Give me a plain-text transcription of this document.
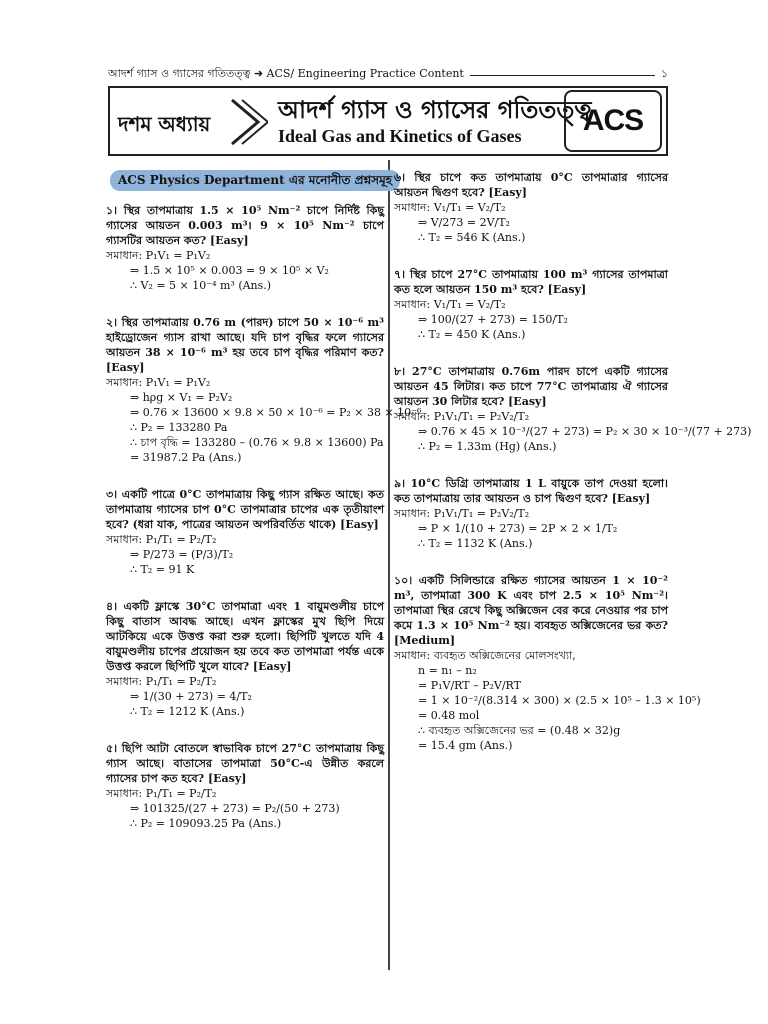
আদর্শ গ্যাস ও গ্যাসের গতিতত্ত্ব ➜ ACS/ Engineering Practice Content	১
দশম অধ্যায়	আদর্শ গ্যাস ও গ্যাসের গতিতত্ত্ব
Ideal Gas and Kinetics of Gases ACS
ACS Physics Department এর মনোনীত প্রশ্নসমূহ
১। স্থির তাপমাত্রায় 1.5 × 10⁵ Nm⁻² চাপে নির্দিষ্ট কিছু গ্যাসের আয়তন 0.003 m³। 9 × 10⁵ Nm⁻² চাপে গ্যাসটির আয়তন কত? [Easy]
সমাধান: P₁V₁ = P₁V₂
⇒ 1.5 × 10⁵ × 0.003 = 9 × 10⁵ × V₂
∴ V₂ = 5 × 10⁻⁴ m³ (Ans.)
২। স্থির তাপমাত্রায় 0.76 m (পারদ) চাপে 50 × 10⁻⁶ m³ হাইড্রোজেন গ্যাস রাখা আছে। যদি চাপ বৃদ্ধির ফলে গ্যাসের আয়তন 38 × 10⁻⁶ m³ হয় তবে চাপ বৃদ্ধির পরিমাণ কত? [Easy]
সমাধান: P₁V₁ = P₁V₂
⇒ hρg × V₁ = P₂V₂
⇒ 0.76 × 13600 × 9.8 × 50 × 10⁻⁶ = P₂ × 38 × 10⁻⁶
∴ P₂ = 133280 Pa
∴ চাপ বৃদ্ধি = 133280 – (0.76 × 9.8 × 13600) Pa
= 31987.2 Pa (Ans.)
৩। একটি পাত্রে 0°C তাপমাত্রায় কিছু গ্যাস রক্ষিত আছে। কত তাপমাত্রায় গ্যাসের চাপ 0°C তাপমাত্রার চাপের এক তৃতীয়াংশ হবে? (ধরা যাক, পাত্রের আয়তন অপরিবর্তিত থাকে) [Easy]
সমাধান: P₁/T₁ = P₂/T₂
⇒ P/273 = (P/3)/T₂
∴ T₂ = 91 K
৪। একটি ফ্লাস্কে 30°C তাপমাত্রা এবং 1 বায়ুমণ্ডলীয় চাপে কিছু বাতাস আবদ্ধ আছে। এখন ফ্লাস্কের মুখ ছিপি দিয়ে আটকিয়ে একে উত্তপ্ত করা শুরু হলো। ছিপিটি খুলতে যদি 4 বায়ুমণ্ডলীয় চাপের প্রয়োজন হয় তবে কত তাপমাত্রা পর্যন্ত একে উত্তপ্ত করলে ছিপিটি খুলে যাবে? [Easy]
সমাধান: P₁/T₁ = P₂/T₂
⇒ 1/(30 + 273) = 4/T₂
∴ T₂ = 1212 K (Ans.)
৫। ছিপি আটা বোতলে স্বাভাবিক চাপে 27°C তাপমাত্রায় কিছু গ্যাস আছে। বাতাসের তাপমাত্রা 50°C-এ উন্নীত করলে গ্যাসের চাপ কত হবে? [Easy]
সমাধান: P₁/T₁ = P₂/T₂
⇒ 101325/(27 + 273) = P₂/(50 + 273)
∴ P₂ = 109093.25 Pa (Ans.)
৬। স্থির চাপে কত তাপমাত্রায় 0°C তাপমাত্রার গ্যাসের আয়তন দ্বিগুণ হবে? [Easy]
সমাধান: V₁/T₁ = V₂/T₂
⇒ V/273 = 2V/T₂
∴ T₂ = 546 K (Ans.)
৭। স্থির চাপে 27°C তাপমাত্রায় 100 m³ গ্যাসের তাপমাত্রা কত হলে আয়তন 150 m³ হবে? [Easy]
সমাধান: V₁/T₁ = V₂/T₂
⇒ 100/(27 + 273) = 150/T₂
∴ T₂ = 450 K (Ans.)
৮। 27°C তাপমাত্রায় 0.76m পারদ চাপে একটি গ্যাসের আয়তন 45 লিটার। কত চাপে 77°C তাপমাত্রায় ঐ গ্যাসের আয়তন 30 লিটার হবে? [Easy]
সমাধান: P₁V₁/T₁ = P₂V₂/T₂
⇒ 0.76 × 45 × 10⁻³/(27 + 273) = P₂ × 30 × 10⁻³/(77 + 273)
∴ P₂ = 1.33m (Hg) (Ans.)
৯। 10°C ডিগ্রি তাপমাত্রায় 1 L বায়ুকে তাপ দেওয়া হলো। কত তাপমাত্রায় তার আয়তন ও চাপ দ্বিগুণ হবে? [Easy]
সমাধান: P₁V₁/T₁ = P₂V₂/T₂
⇒ P × 1/(10 + 273) = 2P × 2 × 1/T₂
∴ T₂ = 1132 K (Ans.)
১০। একটি সিলিন্ডারে রক্ষিত গ্যাসের আয়তন 1 × 10⁻² m³, তাপমাত্রা 300 K এবং চাপ 2.5 × 10⁵ Nm⁻²। তাপমাত্রা স্থির রেখে কিছু অক্সিজেন বের করে নেওয়ার পর চাপ কমে 1.3 × 10⁵ Nm⁻² হয়। ব্যবহৃত অক্সিজেনের ভর কত? [Medium]
সমাধান: ব্যবহৃত অক্সিজেনের মোলসংখ্যা,
n = n₁ – n₂
= P₁V/RT – P₂V/RT
= 1 × 10⁻²/(8.314 × 300) × (2.5 × 10⁵ – 1.3 × 10⁵)
= 0.48 mol
∴ ব্যবহৃত অক্সিজেনের ভর = (0.48 × 32)g
= 15.4 gm (Ans.)
